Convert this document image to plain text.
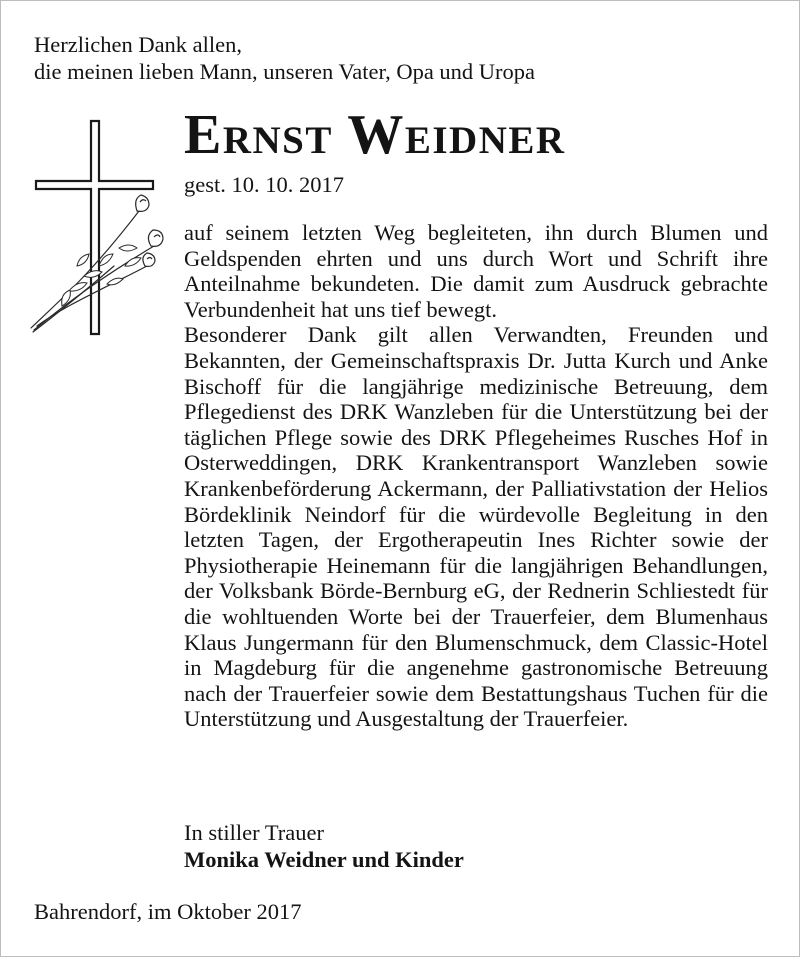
Herzlichen Dank allen,
die meinen lieben Mann, unseren Vater, Opa und Uropa
Ernst Weidner
gest. 10. 10. 2017

auf seinem letzten Weg begleiteten, ihn durch Blumen und Geldspenden ehrten und uns durch Wort und Schrift ihre Anteilnahme bekundeten. Die damit zum Ausdruck gebrachte Verbundenheit hat uns tief bewegt.

Besonderer Dank gilt allen Verwandten, Freunden und Bekannten, der Gemeinschaftspraxis Dr. Jutta Kurch und Anke Bischoff für die langjährige medizinische Betreuung, dem Pflegedienst des DRK Wanzleben für die Unterstützung bei der täglichen Pflege sowie des DRK Pflegeheimes Rusches Hof in Osterweddingen, DRK Krankentransport Wanzleben sowie Krankenbeförderung Ackermann, der Palliativstation der Helios Bördeklinik Neindorf für die würdevolle Begleitung in den letzten Tagen, der Ergotherapeutin Ines Richter sowie der Physiotherapie Heinemann für die langjährigen Behandlungen, der Volksbank Börde-Bernburg eG, der Rednerin Schliestedt für die wohltuenden Worte bei der Trauerfeier, dem Blumenhaus Klaus Jungermann für den Blumenschmuck, dem Classic-Hotel in Magdeburg für die angenehme gastronomische Betreuung nach der Trauerfeier sowie dem Bestattungshaus Tuchen für die Unterstützung und Ausgestaltung der Trauerfeier.

In stiller Trauer
Monika Weidner und Kinder
Bahrendorf, im Oktober 2017
